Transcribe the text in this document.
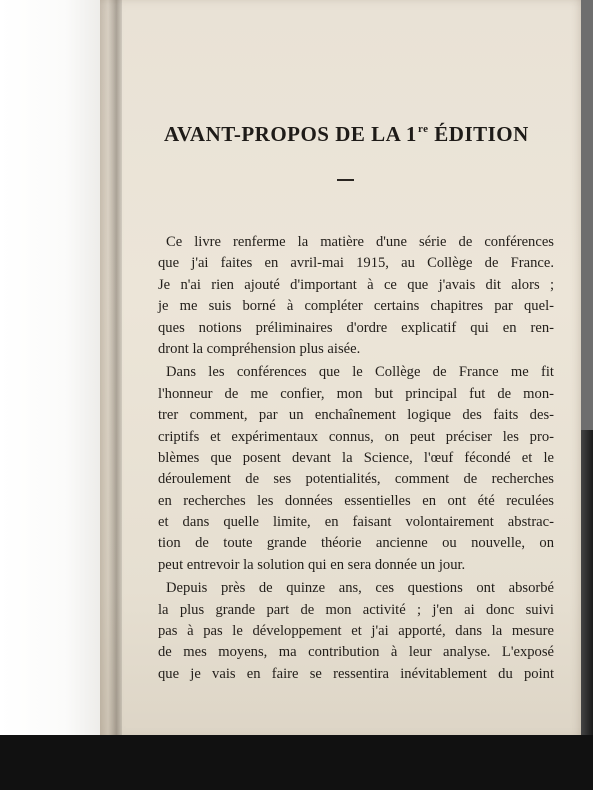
AVANT-PROPOS DE LA 1re ÉDITION
Ce livre renferme la matière d'une série de conférences
que j'ai faites en avril-mai 1915, au Collège de France.
Je n'ai rien ajouté d'important à ce que j'avais dit alors ;
je me suis borné à compléter certains chapitres par quel-
ques notions préliminaires d'ordre explicatif qui en ren-
dront la compréhension plus aisée.
Dans les conférences que le Collège de France me fit
l'honneur de me confier, mon but principal fut de mon-
trer comment, par un enchaînement logique des faits des-
criptifs et expérimentaux connus, on peut préciser les pro-
blèmes que posent devant la Science, l'œuf fécondé et le
déroulement de ses potentialités, comment de recherches
en recherches les données essentielles en ont été reculées
et dans quelle limite, en faisant volontairement abstrac-
tion de toute grande théorie ancienne ou nouvelle, on
peut entrevoir la solution qui en sera donnée un jour.
Depuis près de quinze ans, ces questions ont absorbé
la plus grande part de mon activité ; j'en ai donc suivi
pas à pas le développement et j'ai apporté, dans la mesure
de mes moyens, ma contribution à leur analyse. L'exposé
que je vais en faire se ressentira inévitablement du point
